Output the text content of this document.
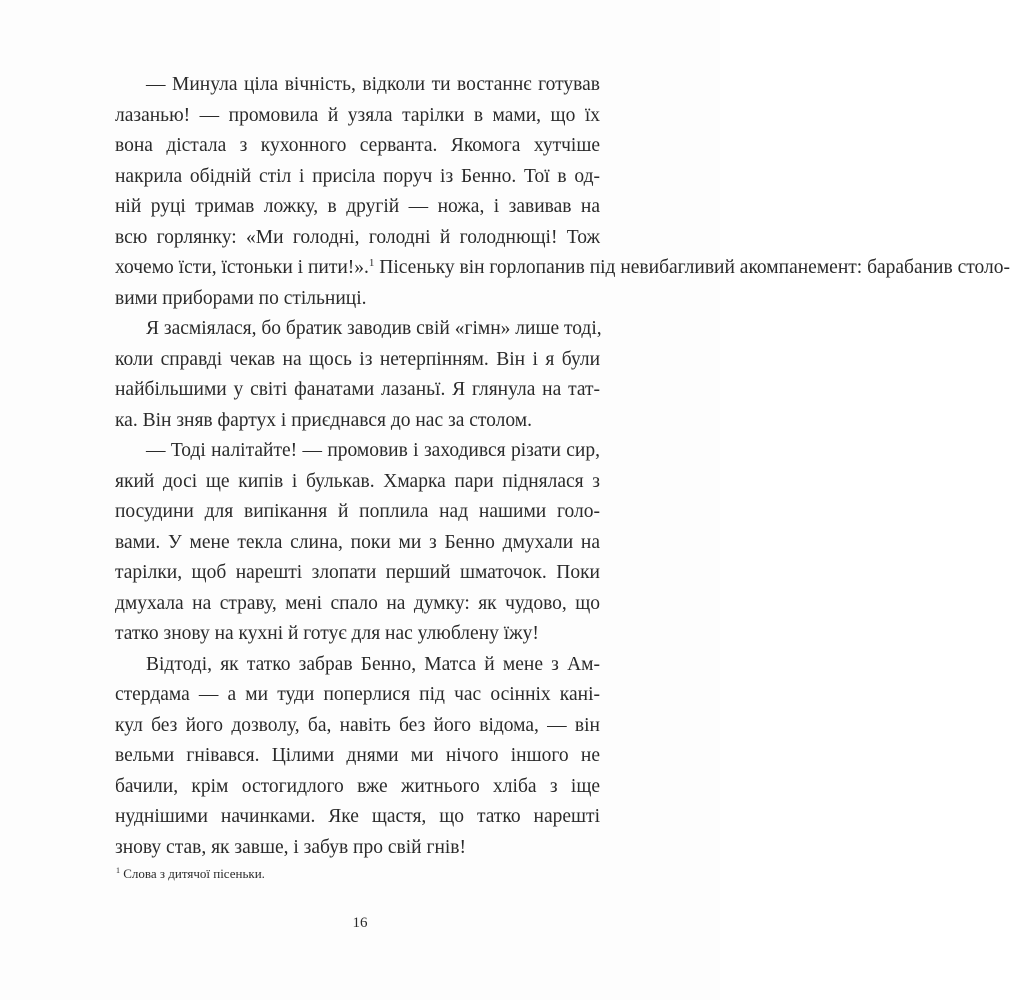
— Минула ціла вічність, відколи ти востаннє готував
лазанью! — промовила й узяла тарілки в мами, що їх
вона дістала з кухонного серванта. Якомога хутчіше
накрила обідній стіл і присіла поруч із Бенно. Тої в од-
ній руці тримав ложку, в другій — ножа, і завивав на
всю горлянку: «Ми голодні, голодні й голоднющі! Тож
хочемо їсти, їстоньки і пити!».$^1$ Пісеньку він горлопанив під невибагливий акомпанемент: барабанив столо-
вими приборами по стільниці.
Я засміялася, бо братик заводив свій «гімн» лише тоді,
коли справді чекав на щось із нетерпінням. Він і я були
найбільшими у світі фанатами лазаньї. Я глянула на тат-
ка. Він зняв фартух і приєднався до нас за столом.
— Тоді налітайте! — промовив і заходився різати сир,
який досі ще кипів і булькав. Хмарка пари піднялася з
посудини для випікання й поплила над нашими голо-
вами. У мене текла слина, поки ми з Бенно дмухали на
тарілки, щоб нарешті злопати перший шматочок. Поки
дмухала на страву, мені спало на думку: як чудово, що
татко знову на кухні й готує для нас улюблену їжу!
Відтоді, як татко забрав Бенно, Матса й мене з Ам-
стердама — а ми туди поперлися під час осінніх кані-
кул без його дозволу, ба, навіть без його відома, — він
вельми гнівався. Цілими днями ми нічого іншого не
бачили, крім остогидлого вже житнього хліба з іще
нуднішими начинками. Яке щастя, що татко нарешті
знову став, як завше, і забув про свій гнів!
$^1$ Слова з дитячої пісеньки.
16
